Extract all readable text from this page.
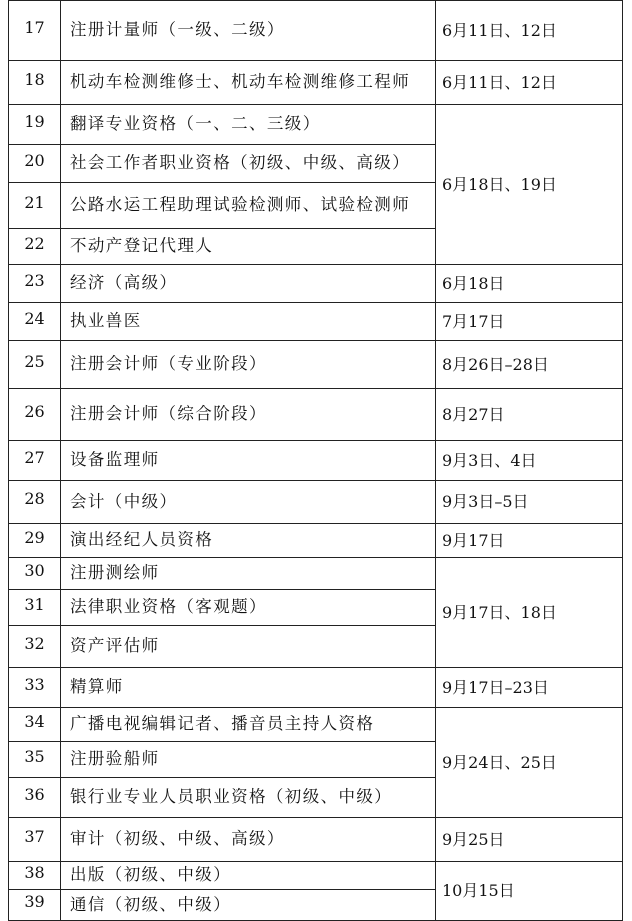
17	注册计量师（一级、二级）	6月11日、12日
18	机动车检测维修士、机动车检测维修工程师	6月11日、12日
19	翻译专业资格（一、二、三级）	6月18日、19日
20	社会工作者职业资格（初级、中级、高级）	
21	公路水运工程助理试验检测师、试验检测师	
22	不动产登记代理人	
23	经济（高级）	6月18日
24	执业兽医	7月17日
25	注册会计师（专业阶段）	8月26日–28日
26	注册会计师（综合阶段）	8月27日
27	设备监理师	9月3日、4日
28	会计（中级）	9月3日–5日
29	演出经纪人员资格	9月17日
30	注册测绘师	9月17日、18日
31	法律职业资格（客观题）	
32	资产评估师	
33	精算师	9月17日–23日
34	广播电视编辑记者、播音员主持人资格	9月24日、25日
35	注册验船师	
36	银行业专业人员职业资格（初级、中级）	
37	审计（初级、中级、高级）	9月25日
38	出版（初级、中级）	10月15日
39	通信（初级、中级）	
